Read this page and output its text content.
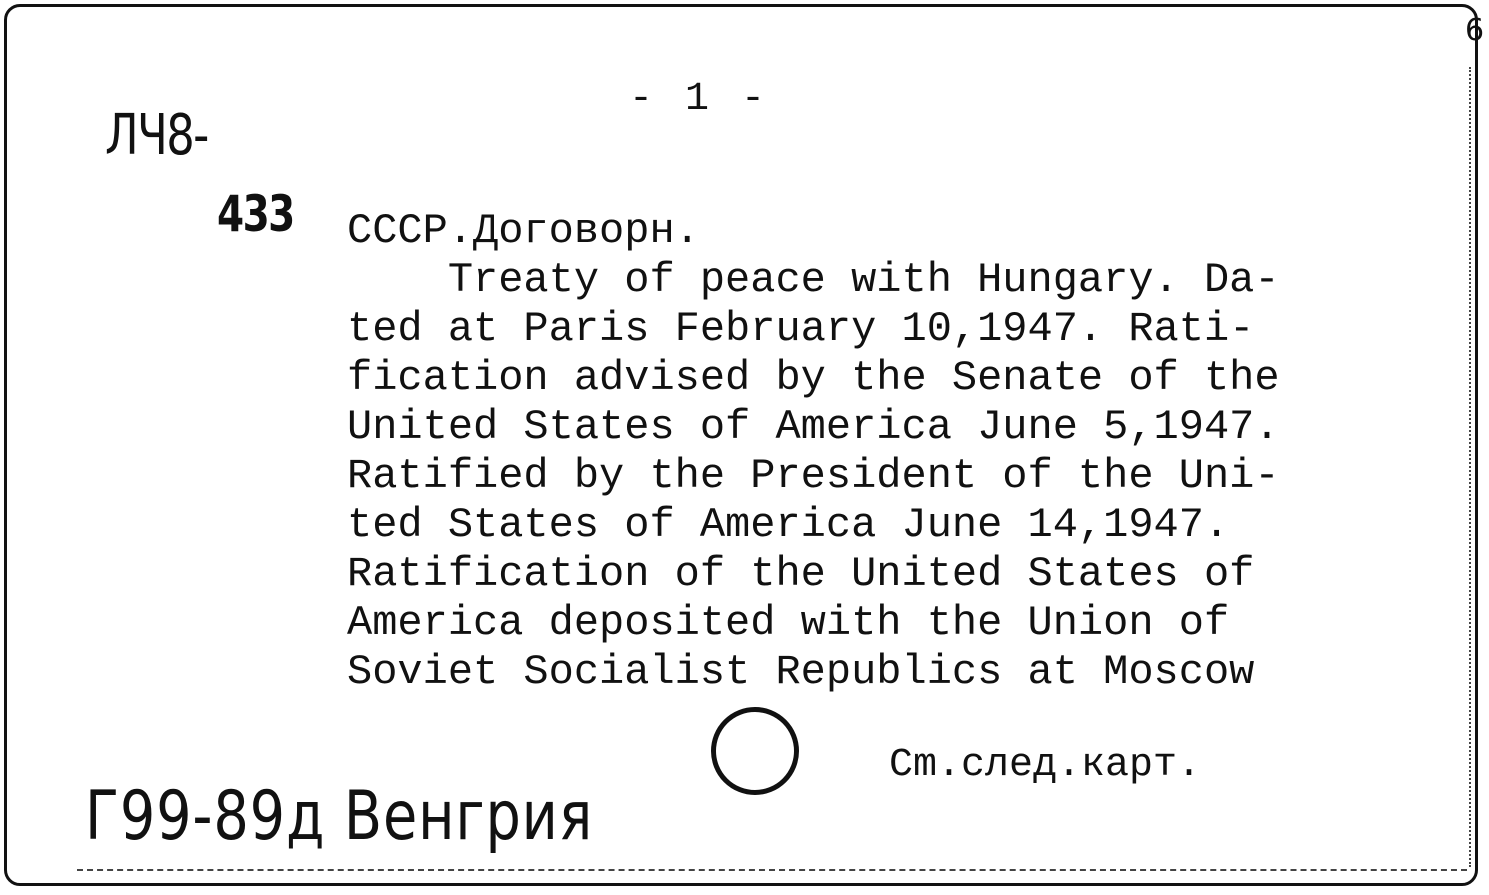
- 1 -
ЛЧ8-
433 СССР.Договорн.
Treaty of peace with Hungary. Da-
ted at Paris February 10,1947. Rati-
fication advised by the Senate of the
United States of America June 5,1947.
Ratified by the President of the Uni-
ted States of America June 14,1947.
Ratification of the United States of
America deposited with the Union of
Soviet Socialist Republics at Moscow
Cm.след.карт.
Г99-89д Венгрия
6
